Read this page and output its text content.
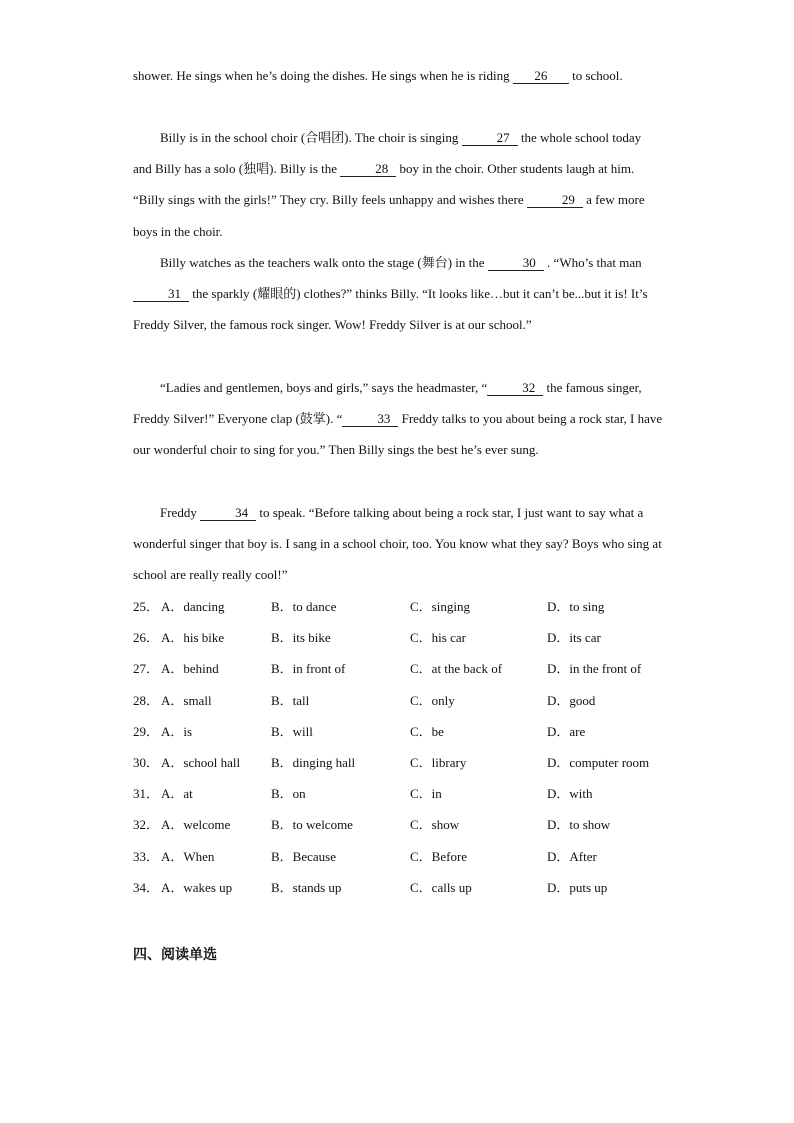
shower. He sings when he’s doing the dishes. He sings when he is riding 26 to school.

Billy is in the school choir (合唱团). The choir is singing	27 the whole school today and Billy has a solo (独唱). Billy is the	28 boy in the choir. Other students laugh at him. “Billy sings with the girls!” They cry. Billy feels unhappy and wishes there	29 a few more boys in the choir.

Billy watches as the teachers walk onto the stage (舞台) in the	30 . “Who’s that man 31 the sparkly (耀眼的) clothes?” thinks Billy. “It looks like…but it can’t be...but it is! It’s Freddy Silver, the famous rock singer. Wow! Freddy Silver is at our school.”

“Ladies and gentlemen, boys and girls,” says the headmaster, “	32 the famous singer, Freddy Silver!” Everyone clap (鼓掌). “	33 Freddy talks to you about being a rock star, I have our wonderful choir to sing for you.” Then Billy sings the best he’s ever sung.

Freddy	34 to speak. “Before talking about being a rock star, I just want to say what a wonderful singer that boy is. I sang in a school choir, too. You know what they say? Boys who sing at school are really really cool!”

25． A．dancing	B．to dance	C．singing	D．to sing
26． A．his bike	B．its bike	C．his car	D．its car
27． A．behind	B．in front of	C．at the back of	D．in the front of
28． A．small	B．tall	C．only	D．good
29． A．is	B．will	C．be	D．are
30． A．school hall B．dinging hall	C．library	D．computer room
31． A．at	B．on	C．in	D．with
32． A．welcome	B．to welcome	C．show	D．to show
33． A．When	B．Because	C．Before	D．After
34． A．wakes up	B．stands up	C．calls up	D．puts up
四、阅读单选
